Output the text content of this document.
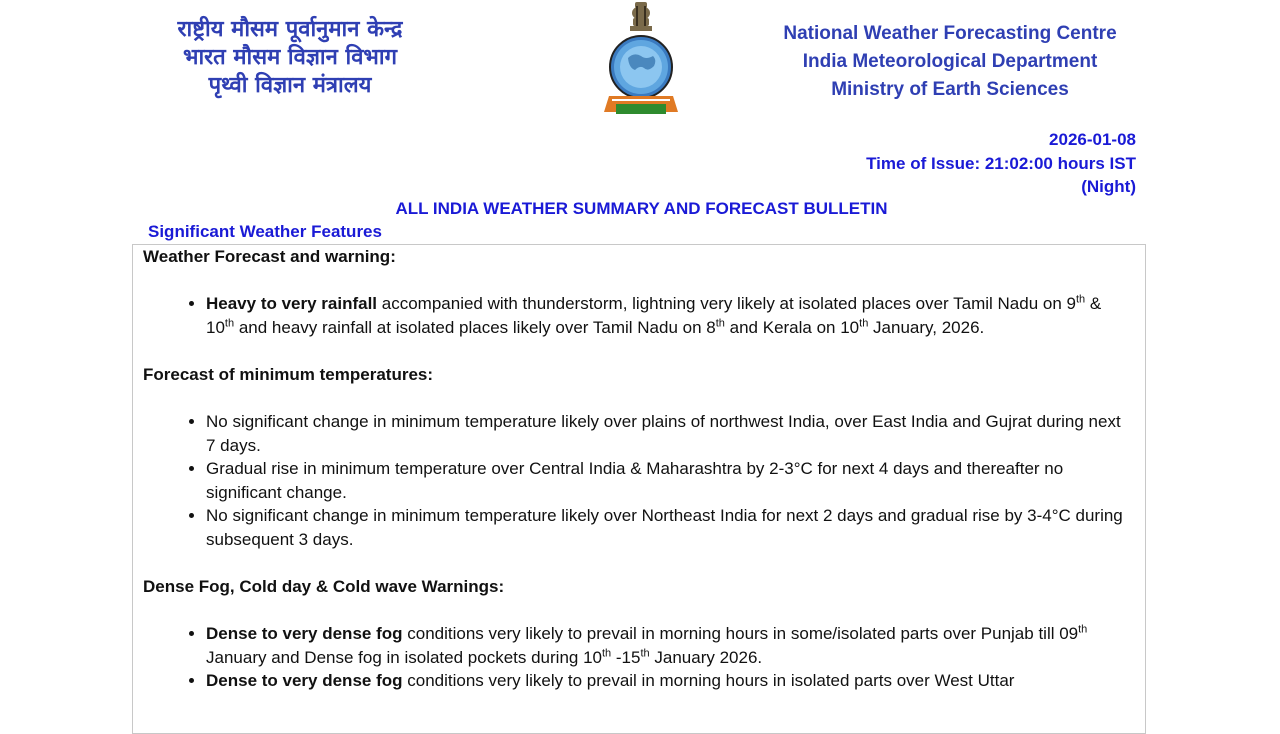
राष्ट्रीय मौसम पूर्वानुमान केन्द्र
भारत मौसम विज्ञान विभाग
पृथ्वी विज्ञान मंत्रालय
National Weather Forecasting Centre
India Meteorological Department
Ministry of Earth Sciences
2026-01-08
Time of Issue: 21:02:00 hours IST
(Night)
ALL INDIA WEATHER SUMMARY AND FORECAST BULLETIN
Significant Weather Features

Weather Forecast and warning:

Heavy to very rainfall accompanied with thunderstorm, lightning very likely at isolated places over Tamil Nadu on 9th & 10th and heavy rainfall at isolated places likely over Tamil Nadu on 8th and Kerala on 10th January, 2026.

Forecast of minimum temperatures:

No significant change in minimum temperature likely over plains of northwest India, over East India and Gujrat during next 7 days.
Gradual rise in minimum temperature over Central India & Maharashtra by 2-3°C for next 4 days and thereafter no significant change.
No significant change in minimum temperature likely over Northeast India for next 2 days and gradual rise by 3-4°C during subsequent 3 days.

Dense Fog, Cold day & Cold wave Warnings:

Dense to very dense fog conditions very likely to prevail in morning hours in some/isolated parts over Punjab till 09th January and Dense fog in isolated pockets during 10th -15th January 2026.
Dense to very dense fog conditions very likely to prevail in morning hours in isolated parts over West Uttar
